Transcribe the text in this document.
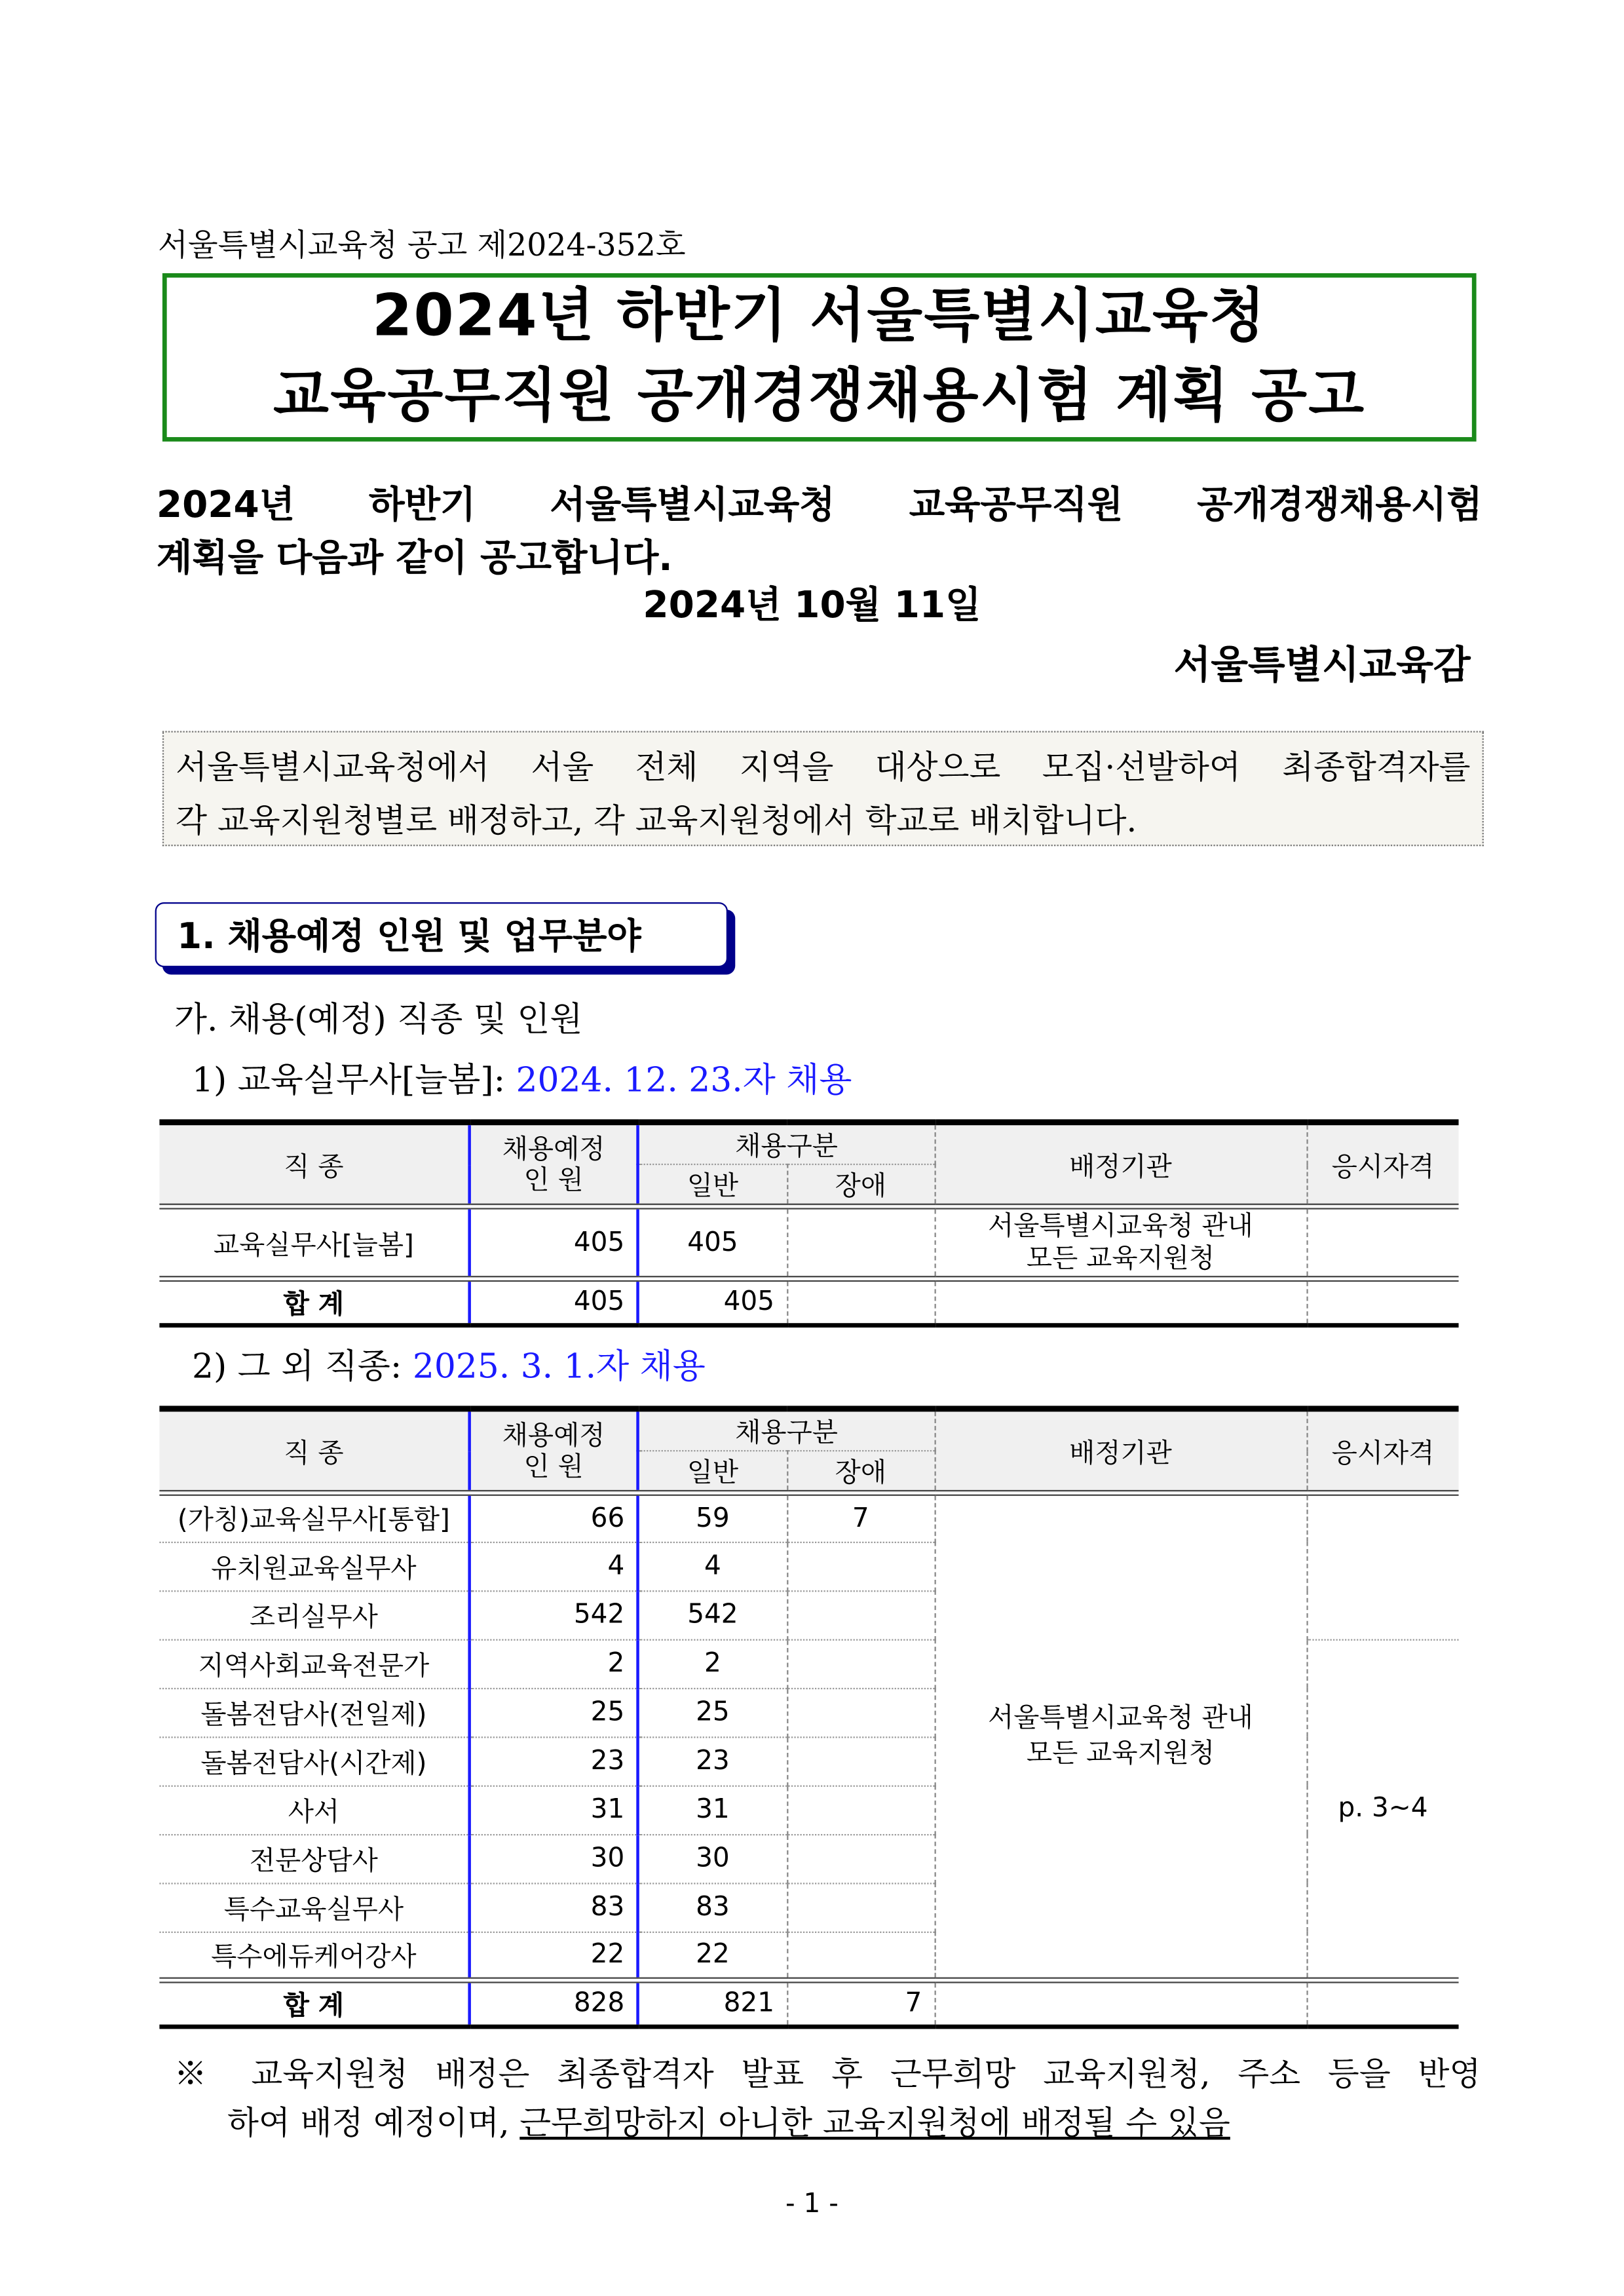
서울특별시교육청 공고 제2024-352호
2024년 하반기 서울특별시교육청
교육공무직원 공개경쟁채용시험 계획 공고
2024년 하반기 서울특별시교육청 교육공무직원 공개경쟁채용시험
계획을 다음과 같이 공고합니다.
2024년 10월 11일
서울특별시교육감
서울특별시교육청에서 서울 전체 지역을 대상으로 모집·선발하여 최종합격자를
각 교육지원청별로 배정하고, 각 교육지원청에서 학교로 배치합니다.
1. 채용예정 인원 및 업무분야
가. 채용(예정) 직종 및 인원
1) 교육실무사[늘봄]: 2024. 12. 23.자 채용
직 종	채용예정
인 원	채용구분		배정기관	응시자격
		일반	장애		
교육실무사[늘봄]	405	405		서울특별시교육청 관내
모든 교육지원청	
합 계	405	405			
2) 그 외 직종: 2025. 3. 1.자 채용
직 종	채용예정
인 원	채용구분		배정기관	응시자격
		일반	장애		
(가칭)교육실무사[통합]	66	59	7	서울특별시교육청 관내
모든 교육지원청	
유치원교육실무사	4	4			
조리실무사	542	542			
지역사회교육전문가	2	2			p. 3~4
돌봄전담사(전일제)	25	25			
돌봄전담사(시간제)	23	23			
사서	31	31			
전문상담사	30	30			
특수교육실무사	83	83			
특수에듀케어강사	22	22			
합 계	828	821	7		
※ 교육지원청 배정은 최종합격자 발표 후 근무희망 교육지원청, 주소 등을 반영
하여 배정 예정이며, 근무희망하지 아니한 교육지원청에 배정될 수 있음
- 1 -
